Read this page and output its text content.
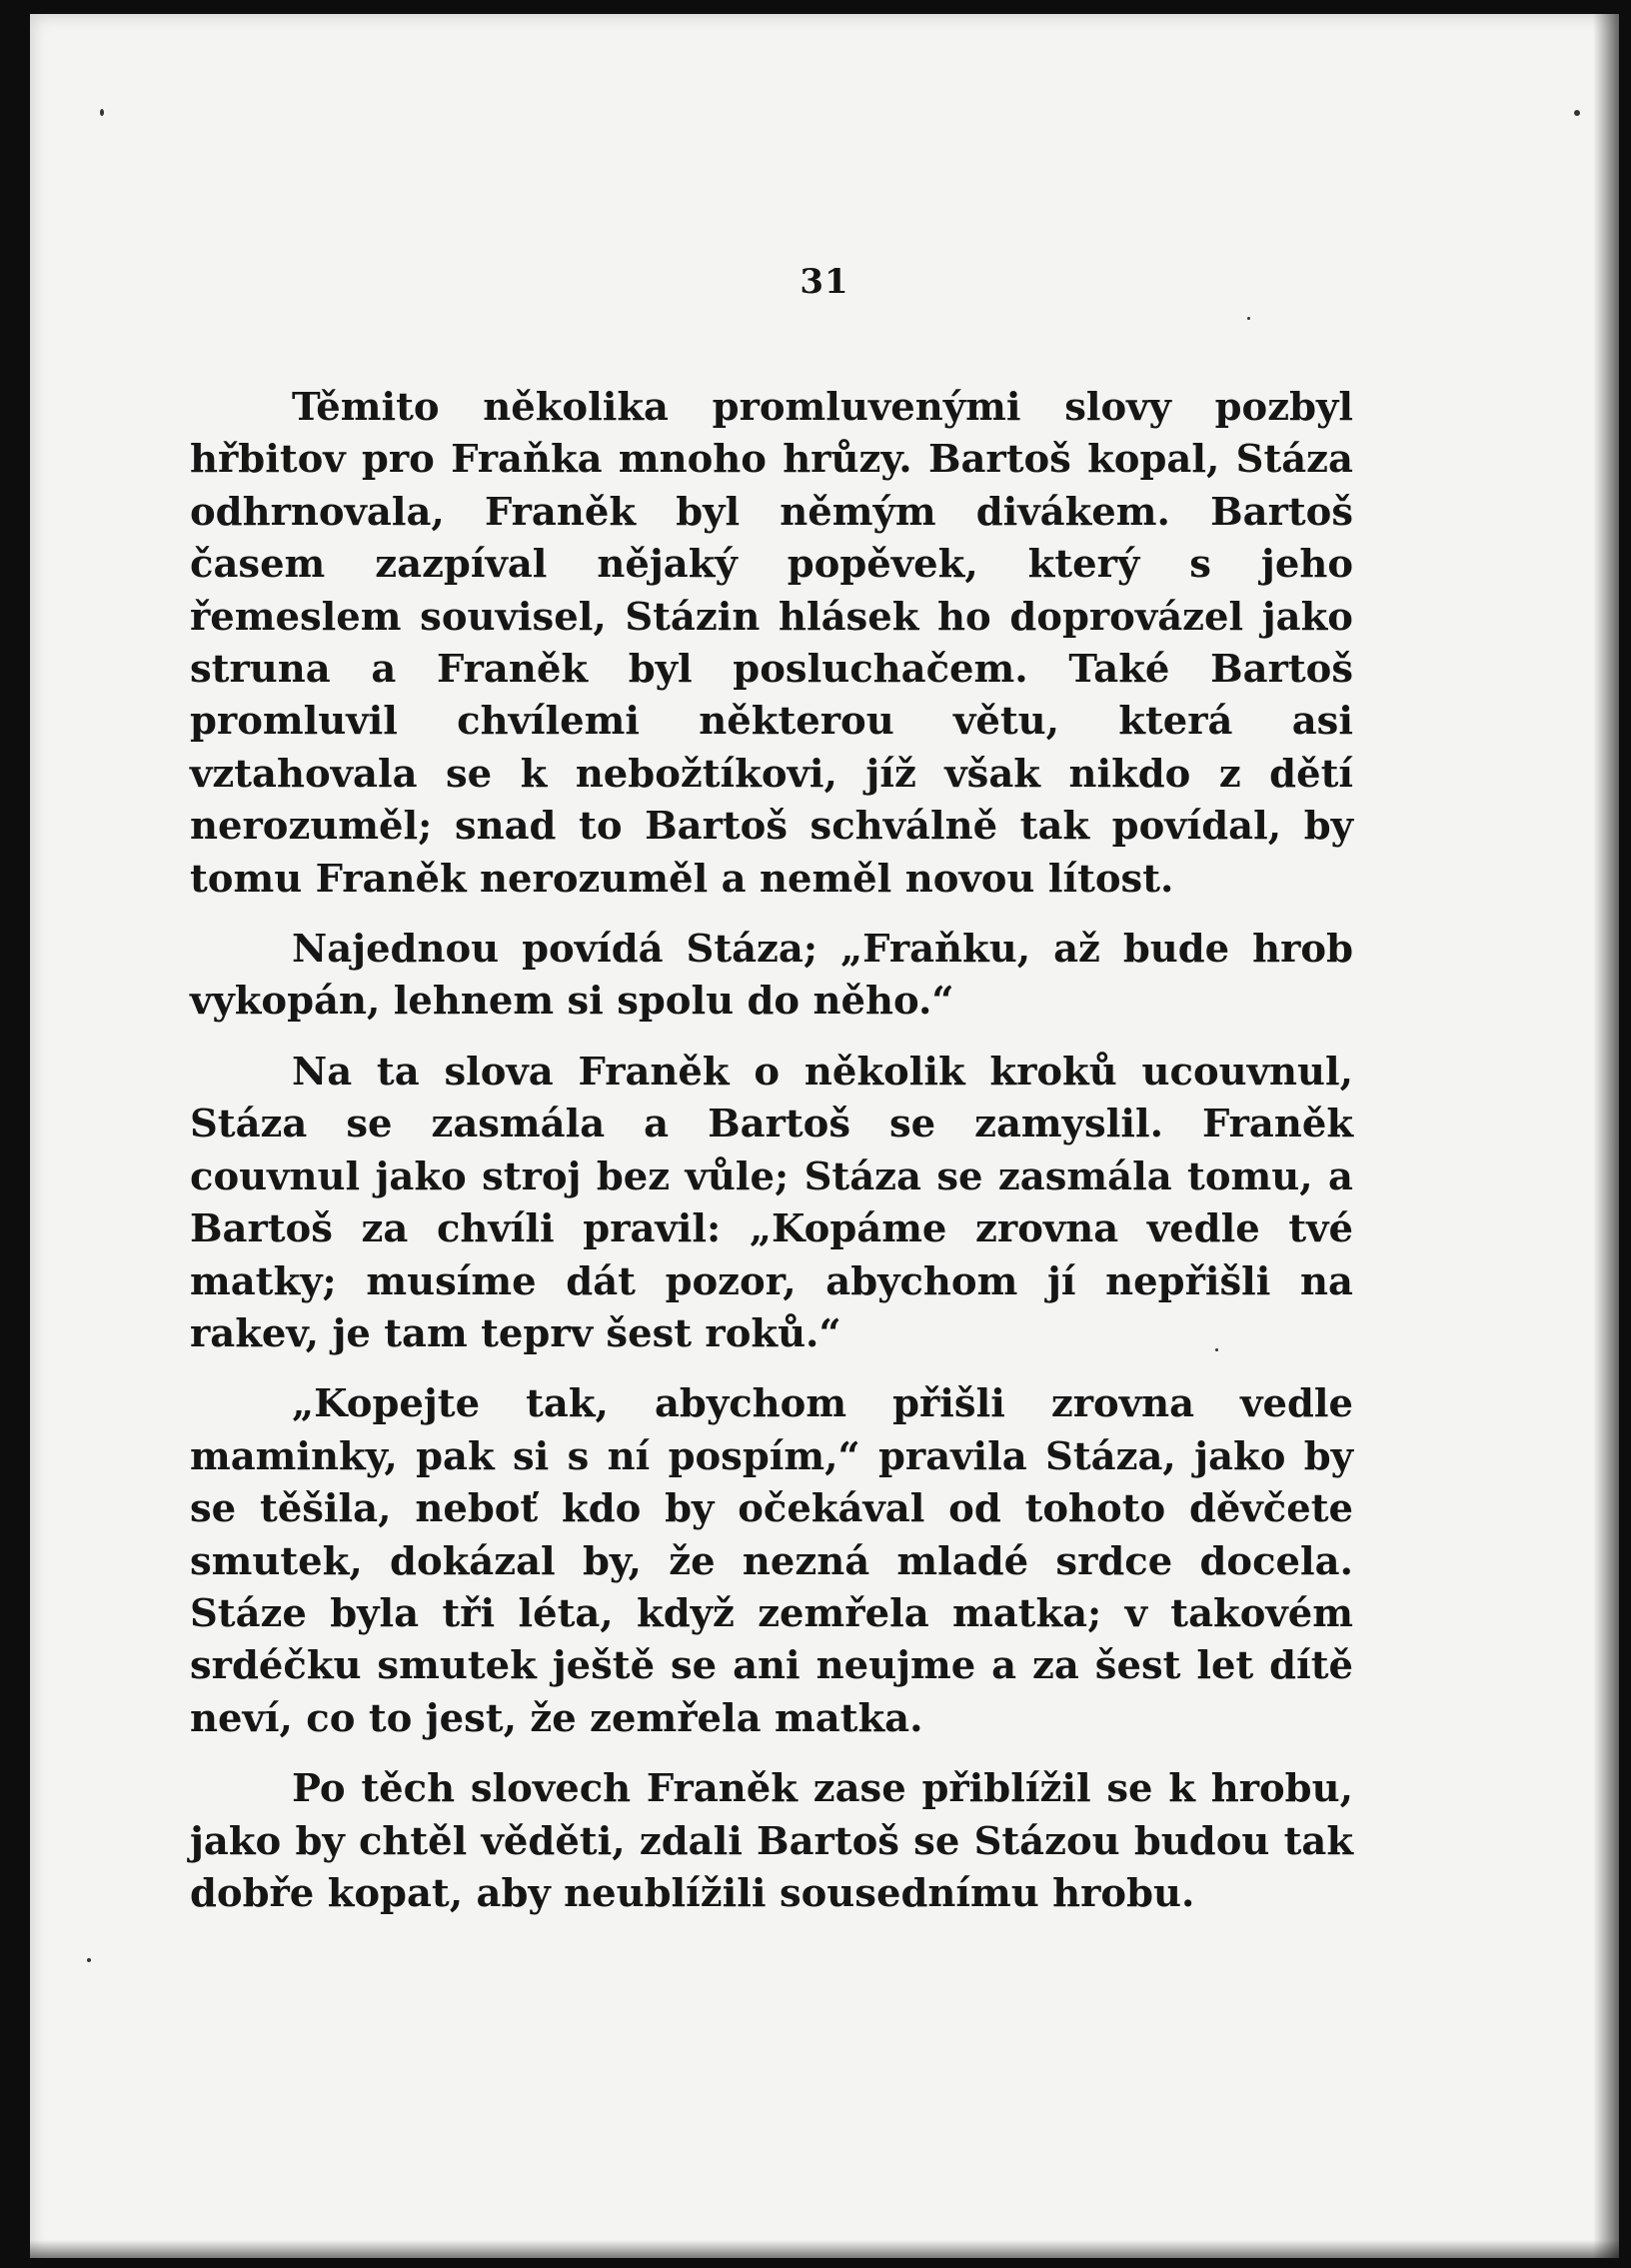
31

Těmito několika promluvenými slovy pozbyl hřbitov pro Fraňka mnoho hrůzy. Bartoš kopal, Stáza odhrnovala, Franěk byl němým divákem. Bartoš časem zazpíval nějaký popěvek, který s jeho řemeslem souvisel, Stázin hlásek ho doprovázel jako struna a Franěk byl posluchačem. Také Bartoš promluvil chvílemi některou větu, která asi vztahovala se k nebožtíkovi, jíž však nikdo z dětí nerozuměl; snad to Bartoš schválně tak povídal, by tomu Franěk nerozuměl a neměl novou lítost.

Najednou povídá Stáza; „Fraňku, až bude hrob vykopán, lehnem si spolu do něho.“

Na ta slova Franěk o několik kroků ucouvnul, Stáza se zasmála a Bartoš se zamyslil. Franěk couvnul jako stroj bez vůle; Stáza se zasmála tomu, a Bartoš za chvíli pravil: „Kopáme zrovna vedle tvé matky; musíme dát pozor, abychom jí nepřišli na rakev, je tam teprv šest roků.“

„Kopejte tak, abychom přišli zrovna vedle maminky, pak si s ní pospím,“ pravila Stáza, jako by se těšila, neboť kdo by očekával od tohoto děvčete smutek, dokázal by, že nezná mladé srdce docela. Stáze byla tři léta, když zemřela matka; v takovém srdéčku smutek ještě se ani neujme a za šest let dítě neví, co to jest, že zemřela matka.

Po těch slovech Franěk zase přiblížil se k hrobu, jako by chtěl věděti, zdali Bartoš se Stázou budou tak dobře kopat, aby neublížili sousednímu hrobu.
